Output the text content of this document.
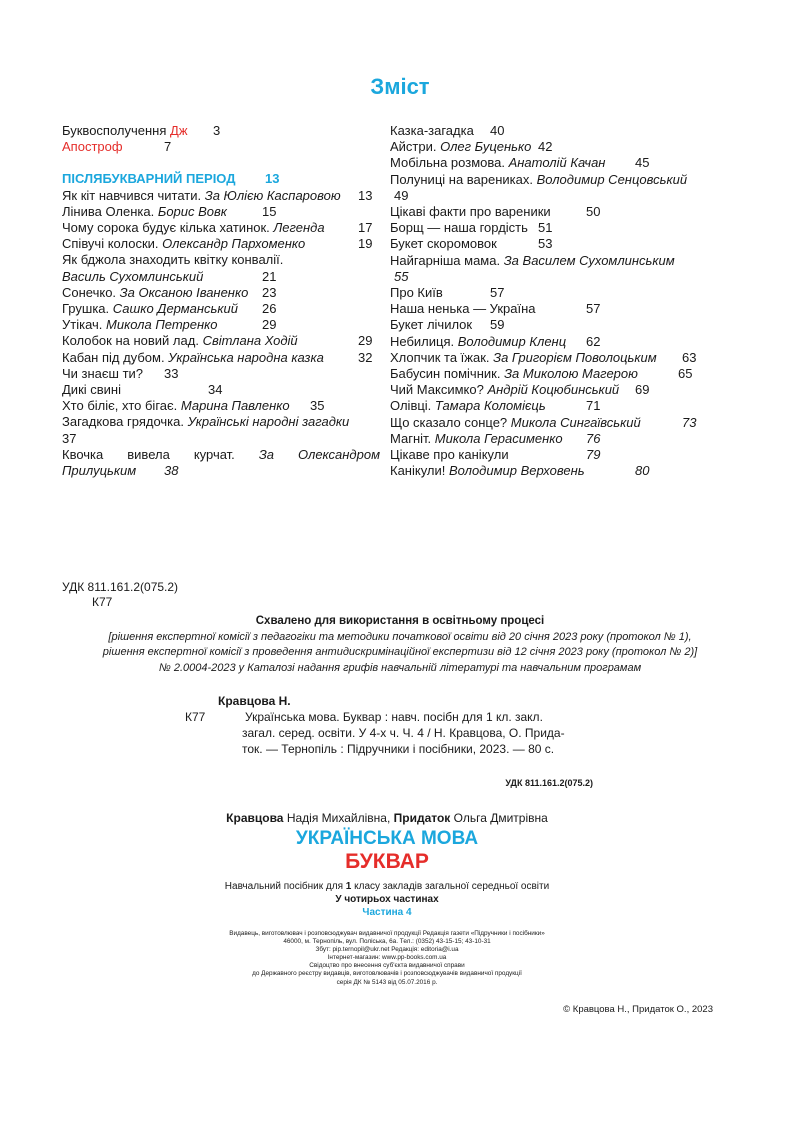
Зміст
Буквосполучення Дж 3
Апостроф	7
ПІСЛЯБУКВАРНИЙ ПЕРІОД 13
Як кіт навчився читати. За Юлією Каспаровою 13
Лінива Оленка. Борис Вовк	15
Чому сорока будує кілька хатинок. Легенда	17
Співучі колоски. Олександр Пархоменко	19
Як бджола знаходить квітку конвалії.
Василь Сухомлинський	21
Сонечко. За Оксаною Іваненко 23
Грушка. Сашко Дерманський 26
Утікач. Микола Петренко	29
Колобок на новий лад. Світлана Ходій	29
Кабан під дубом. Українська народна казка	32
Чи знаєш ти? 33
Дикі свині	34
Хто біліє, хто бігає. Марина Павленко 35
Загадкова грядочка. Українські народні загадки
37
Квочка вивела курчат. За Олександром
Прилуцьким 38
Казка-загадка 40
Айстри. Олег Буценько 42
Мобільна розмова. Анатолій Качан 45
Полуниці на варениках. Володимир Сенцовський
49
Цікаві факти про вареники	50
Борщ — наша гордість 51
Букет скоромовок	53
Найгарніша мама. За Василем Сухомлинським
55
Про Київ	57
Наша ненька — Україна	57
Букет лічилок 59
Небилиця. Володимир Кленц 62
Хлопчик та їжак. За Григорієм Поволоцьким 63
Бабусин помічник. За Миколою Магерою	65
Чий Максимко? Андрій Коцюбинський 69
Олівці. Тамара Коломієць	71
Що сказало сонце? Микола Сингаївський	73
Магніт. Микола Герасименко 76
Цікаве про канікули	79
Канікули! Володимир Верховень	80
УДК 811.161.2(075.2)
К77
Схвалено для використання в освітньому процесі
[рішення експертної комісії з педагогіки та методики початкової освіти від 20 січня 2023 року (протокол № 1),
рішення експертної комісії з проведення антидискримінаційної експертизи від 12 січня 2023 року (протокол № 2)]
№ 2.0004-2023 у Каталозі надання грифів навчальній літературі та навчальним програмам
Кравцова Н.
К77	Українська мова. Буквар : навч. посібн для 1 кл. закл.
загал. серед. освіти. У 4-х ч. Ч. 4 / Н. Кравцова, О. Прида-
ток. — Тернопіль : Підручники і посібники, 2023. — 80 с.
УДК 811.161.2(075.2)
Кравцова Надія Михайлівна, Придаток Ольга Дмитрівна
УКРАЇНСЬКА МОВА
БУКВАР
Навчальний посібник для 1 класу закладів загальної середньої освіти
У чотирьох частинах
Частина 4
Видавець, виготовлювач і розповсюджувач видавничої продукції Редакція газети «Підручники і посібники»
46000, м. Тернопіль, вул. Поліська, 6а. Тел.: (0352) 43-15-15; 43-10-31
Збут: pip.ternopil@ukr.net Редакція: editoria@i.ua
Інтернет-магазин: www.pp-books.com.ua
Свідоцтво про внесення суб'єкта видавничої справи
до Державного реєстру видавців, виготовлювачів і розповсюджувачів видавничої продукції
серія ДК № 5143 від 05.07.2016 р.
© Кравцова Н., Придаток О., 2023
